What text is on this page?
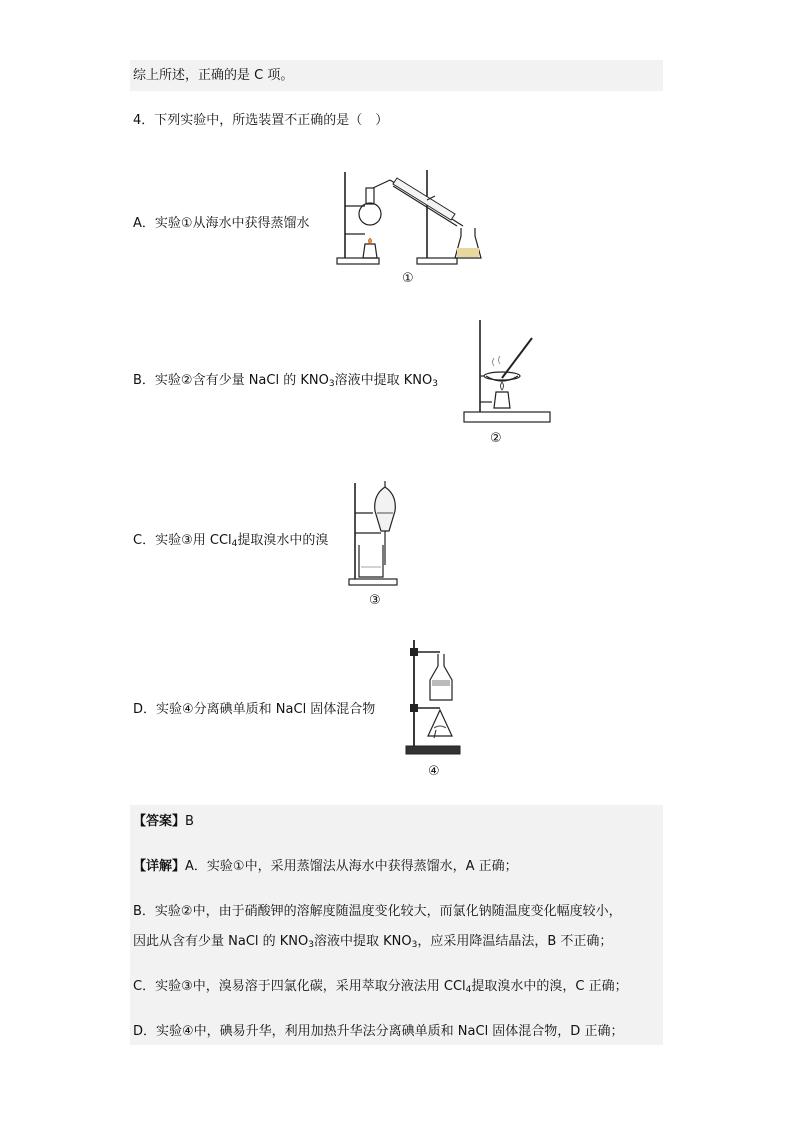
综上所述，正确的是 C 项。
4．下列实验中，所选装置不正确的是（　）
A．实验①从海水中获得蒸馏水
①
B．实验②含有少量 NaCl 的 $KNO_3$溶液中提取 $KNO_3$
②
C．实验③用 CCl$_4$提取溴水中的溴
③
D．实验④分离碘单质和 NaCl 固体混合物
④
【答案】B
【详解】A．实验①中，采用蒸馏法从海水中获得蒸馏水，A 正确；
B．实验②中，由于硝酸钾的溶解度随温度变化较大，而氯化钠随温度变化幅度较小，
因此从含有少量 NaCl 的 $KNO_3$溶液中提取 $KNO_3$，应采用降温结晶法，B 不正确；
C．实验③中，溴易溶于四氯化碳，采用萃取分液法用 CCl$_4$提取溴水中的溴，C 正确；
D．实验④中，碘易升华，利用加热升华法分离碘单质和 NaCl 固体混合物，D 正确；
